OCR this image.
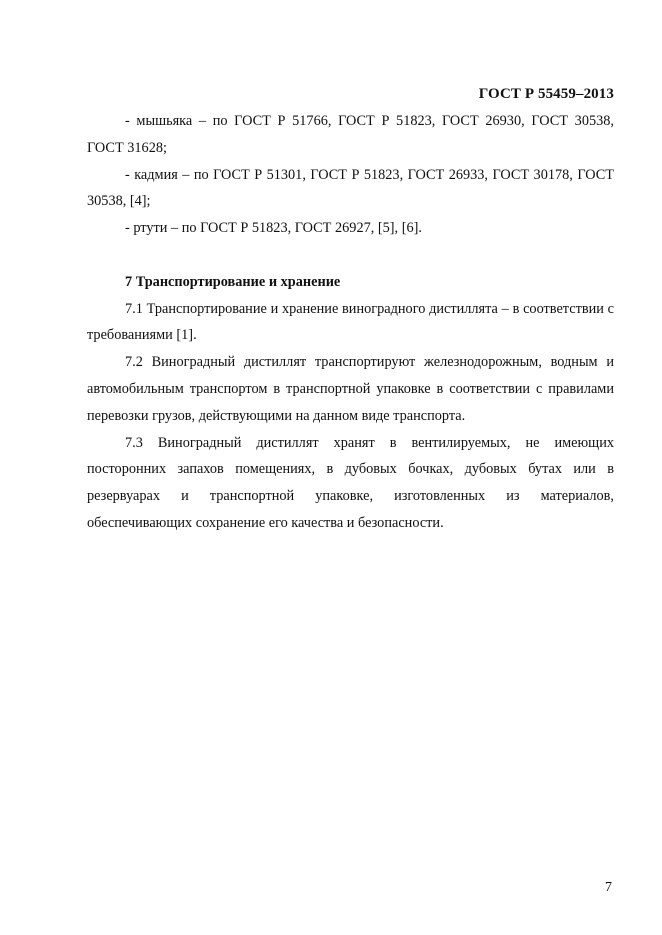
ГОСТ Р 55459–2013

- мышьяка – по ГОСТ Р 51766, ГОСТ Р 51823, ГОСТ 26930, ГОСТ 30538, ГОСТ 31628;

- кадмия – по ГОСТ Р 51301, ГОСТ Р 51823, ГОСТ 26933, ГОСТ 30178, ГОСТ 30538, [4];

- ртути – по ГОСТ Р 51823, ГОСТ 26927, [5], [6].

7 Транспортирование и хранение

7.1 Транспортирование и хранение виноградного дистиллята – в соответствии с требованиями [1].

7.2 Виноградный дистиллят транспортируют железнодорожным, водным и автомобильным транспортом в транспортной упаковке в соответствии с правилами перевозки грузов, действующими на данном виде транспорта.

7.3 Виноградный дистиллят хранят в вентилируемых, не имеющих посторонних запахов помещениях, в дубовых бочках, дубовых бутах или в резервуарах и транспортной упаковке, изготовленных из материалов, обеспечивающих сохранение его качества и безопасности.

7
